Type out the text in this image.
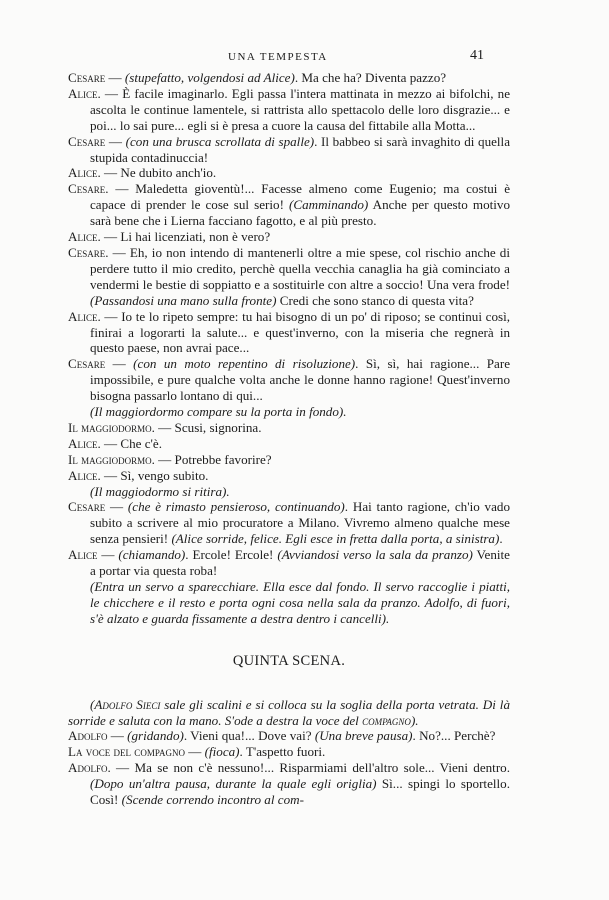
UNA TEMPESTA	41

Cesare — (stupefatto, volgendosi ad Alice). Ma che ha? Diventa pazzo?

Alice. — È facile imaginarlo. Egli passa l'intera mattinata in mezzo ai bifolchi, ne ascolta le continue lamentele, si rattrista allo spettacolo delle loro disgrazie... e poi... lo sai pure... egli si è presa a cuore la causa del fittabile alla Motta...

Cesare — (con una brusca scrollata di spalle). Il babbeo si sarà invaghito di quella stupida contadinuccia!

Alice. — Ne dubito anch'io.

Cesare. — Maledetta gioventù!... Facesse almeno come Eugenio; ma costui è capace di prender le cose sul serio! (Camminando) Anche per questo motivo sarà bene che i Lierna facciano fagotto, e al più presto.

Alice. — Li hai licenziati, non è vero?

Cesare. — Eh, io non intendo di mantenerli oltre a mie spese, col rischio anche di perdere tutto il mio credito, perchè quella vecchia canaglia ha già cominciato a vendermi le bestie di soppiatto e a sostituirle con altre a soccio! Una vera frode! (Passandosi una mano sulla fronte) Credi che sono stanco di questa vita?

Alice. — Io te lo ripeto sempre: tu hai bisogno di un po' di riposo; se continui così, finirai a logorarti la salute... e quest'inverno, con la miseria che regnerà in questo paese, non avrai pace...

Cesare — (con un moto repentino di risoluzione). Sì, sì, hai ragione... Pare impossibile, e pure qualche volta anche le donne hanno ragione! Quest'inverno bisogna passarlo lontano di qui...

(Il maggiordormo compare su la porta in fondo).

Il maggiodormo. — Scusi, signorina.

Alice. — Che c'è.

Il maggiodormo. — Potrebbe favorire?

Alice. — Sì, vengo subito.

(Il maggiodormo si ritira).

Cesare — (che è rimasto pensieroso, continuando). Hai tanto ragione, ch'io vado subito a scrivere al mio procuratore a Milano. Vivremo almeno qualche mese senza pensieri! (Alice sorride, felice. Egli esce in fretta dalla porta, a sinistra).

Alice — (chiamando). Ercole! Ercole! (Avviandosi verso la sala da pranzo) Venite a portar via questa roba!

(Entra un servo a sparecchiare. Ella esce dal fondo. Il servo raccoglie i piatti, le chicchere e il resto e porta ogni cosa nella sala da pranzo. Adolfo, di fuori, s'è alzato e guarda fissamente a destra dentro i cancelli).

QUINTA SCENA.

(Adolfo Sieci sale gli scalini e si colloca su la soglia della porta vetrata. Di là sorride e saluta con la mano. S'ode a destra la voce del compagno).

Adolfo — (gridando). Vieni qua!... Dove vai? (Una breve pausa). No?... Perchè?

La voce del compagno — (fioca). T'aspetto fuori.

Adolfo. — Ma se non c'è nessuno!... Risparmiami dell'altro sole... Vieni dentro. (Dopo un'altra pausa, durante la quale egli origlia) Sì... spingi lo sportello. Così! (Scende correndo incontro al com-
